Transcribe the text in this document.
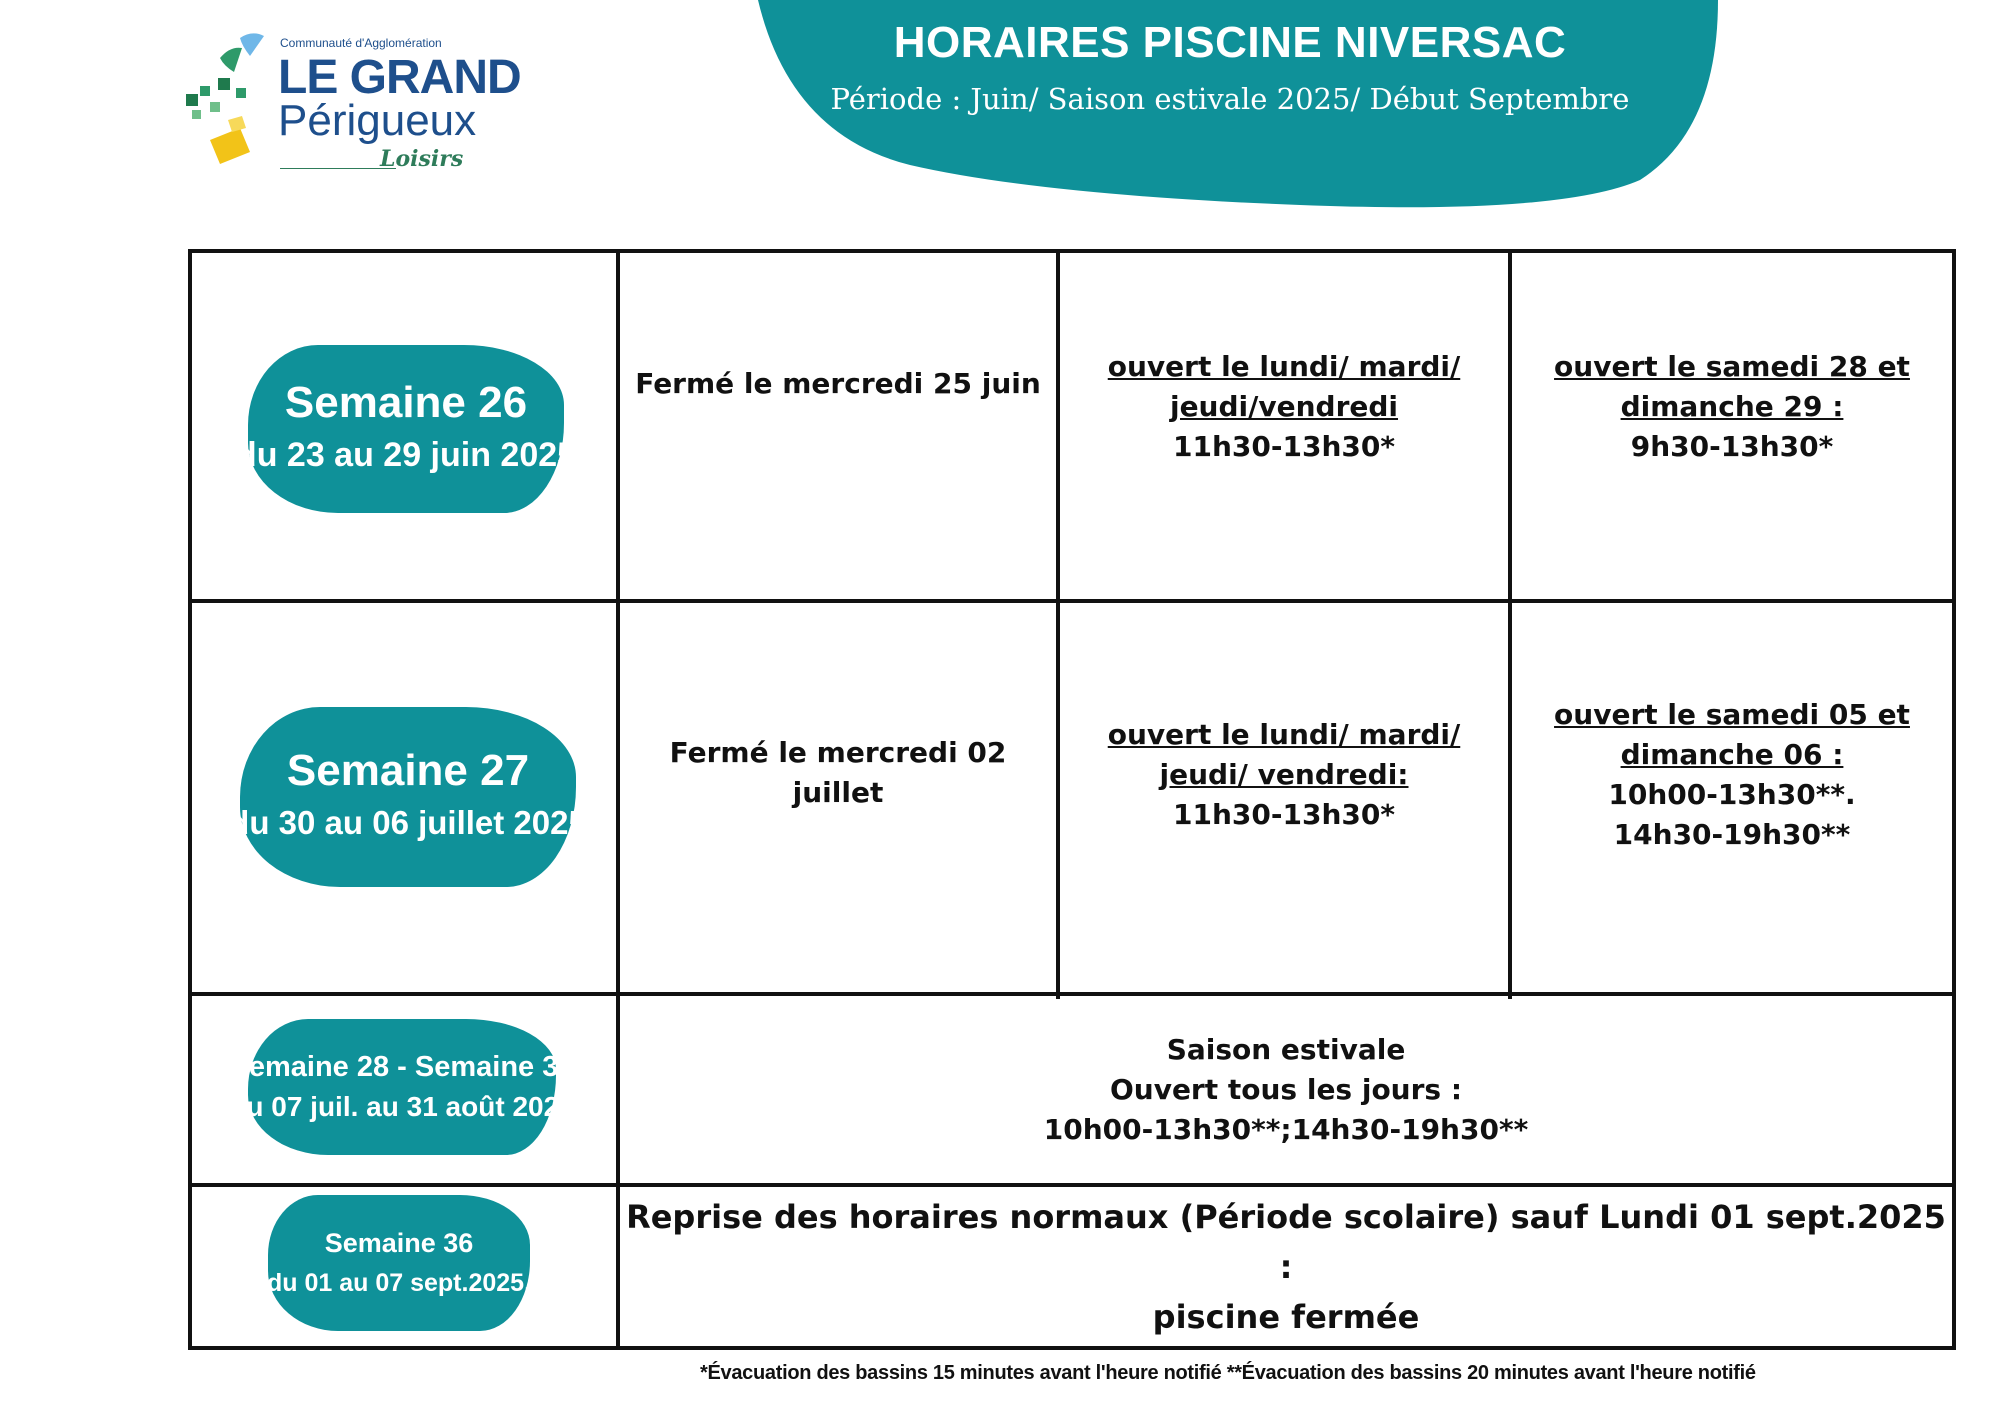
Communauté d'Agglomération
LE GRAND
Périgueux
Loisirs
HORAIRES PISCINE NIVERSAC
Période : Juin/ Saison estivale 2025/ Début Septembre
Semaine 26
du 23 au 29 juin 2025
Fermé le mercredi 25 juin
ouvert le lundi/ mardi/
jeudi/vendredi
11h30-13h30*
ouvert le samedi 28 et
dimanche 29 :
9h30-13h30*
Semaine 27
du 30 au 06 juillet 2025
Fermé le mercredi 02
juillet
ouvert le lundi/ mardi/
jeudi/ vendredi:
11h30-13h30*
ouvert le samedi 05 et
dimanche 06 :
10h00-13h30**.
14h30-19h30**
Semaine 28 - Semaine 35
du 07 juil. au 31 août 2025
Saison estivale
Ouvert tous les jours :
10h00-13h30**;14h30-19h30**
Semaine 36
du 01 au 07 sept.2025.
Reprise des horaires normaux (Période scolaire) sauf Lundi 01 sept.2025 :
piscine fermée
*Évacuation des bassins 15 minutes avant l'heure notifié **Évacuation des bassins 20 minutes avant l'heure notifié
